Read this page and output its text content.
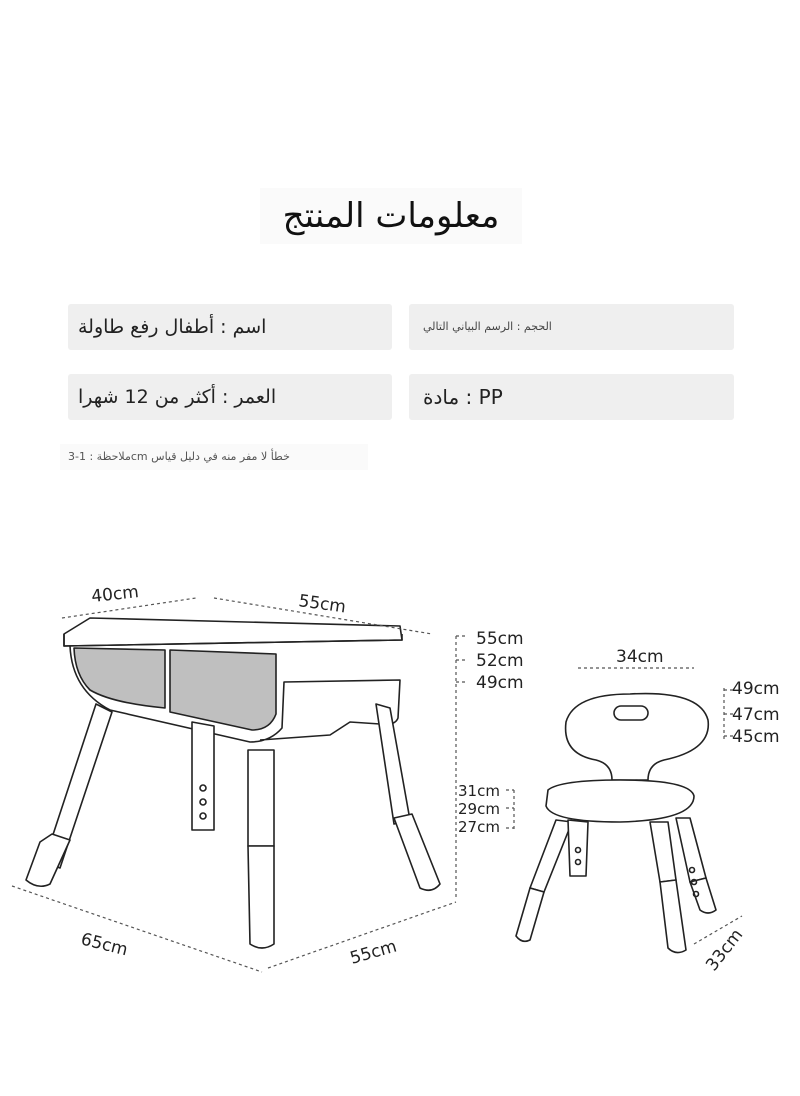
معلومات المنتج
اسم : أطفال رفع طاولة	الحجم : الرسم البياني التالي
العمر : أكثر من 12 شهرا	PP : مادة
خطأ لا مفر منه في دليل قياس cmملاحظة : 1-3
40cm	55cm
55cm
52cm
49cm
65cm	55cm
34cm
49cm
47cm
45cm
31cm
29cm
27cm
33cm
